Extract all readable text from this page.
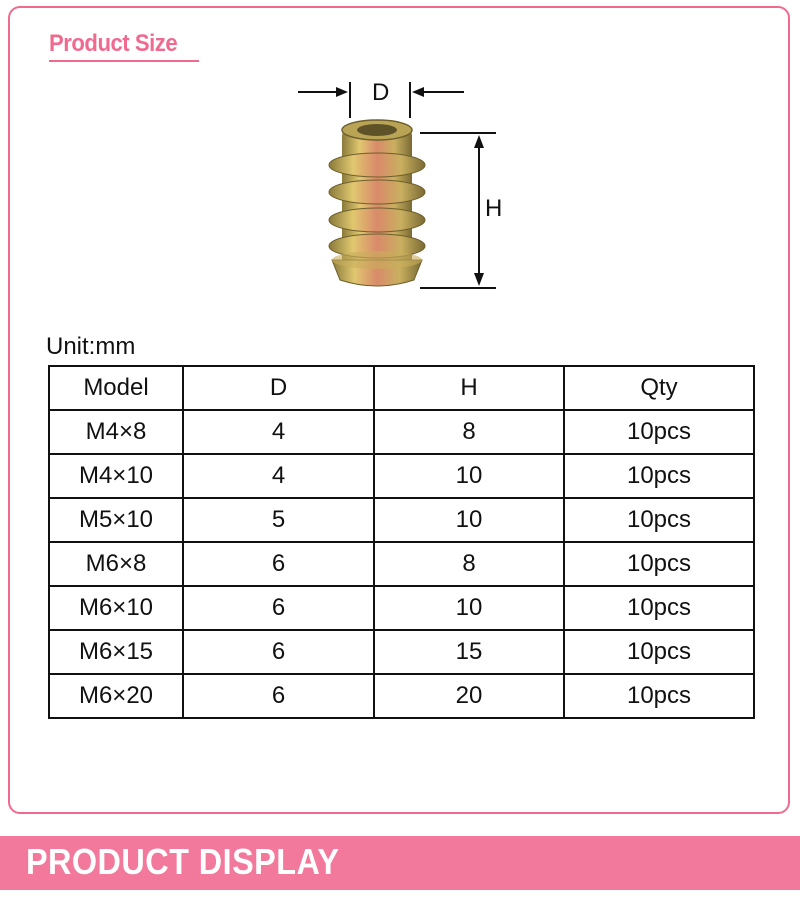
Product Size
D
H
Unit:mm
Model	D	H	Qty
M4×8	4	8	10pcs
M4×10	4	10	10pcs
M5×10	5	10	10pcs
M6×8	6	8	10pcs
M6×10	6	10	10pcs
M6×15	6	15	10pcs
M6×20	6	20	10pcs
PRODUCT DISPLAY
